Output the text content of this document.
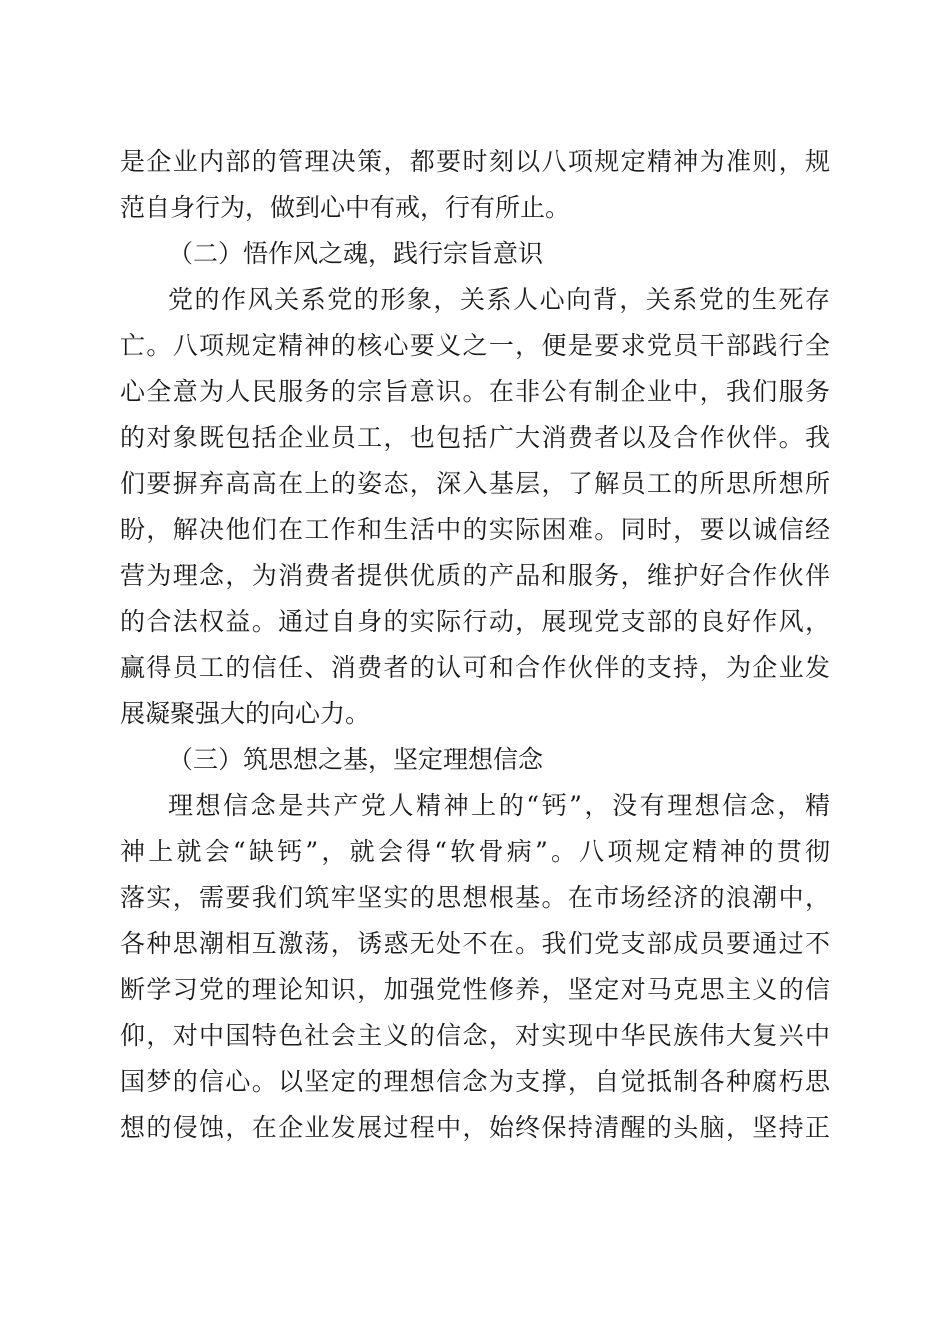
是企业内部的管理决策，都要时刻以八项规定精神为准则，规
范自身行为，做到心中有戒，行有所止。
（二）悟作风之魂，践行宗旨意识
党的作风关系党的形象，关系人心向背，关系党的生死存
亡。八项规定精神的核心要义之一，便是要求党员干部践行全
心全意为人民服务的宗旨意识。在非公有制企业中，我们服务
的对象既包括企业员工，也包括广大消费者以及合作伙伴。我
们要摒弃高高在上的姿态，深入基层，了解员工的所思所想所
盼，解决他们在工作和生活中的实际困难。同时，要以诚信经
营为理念，为消费者提供优质的产品和服务，维护好合作伙伴
的合法权益。通过自身的实际行动，展现党支部的良好作风，
赢得员工的信任、消费者的认可和合作伙伴的支持，为企业发
展凝聚强大的向心力。
（三）筑思想之基，坚定理想信念
理想信念是共产党人精神上的“钙”，没有理想信念，精
神上就会“缺钙”，就会得“软骨病”。八项规定精神的贯彻
落实，需要我们筑牢坚实的思想根基。在市场经济的浪潮中，
各种思潮相互激荡，诱惑无处不在。我们党支部成员要通过不
断学习党的理论知识，加强党性修养，坚定对马克思主义的信
仰，对中国特色社会主义的信念，对实现中华民族伟大复兴中
国梦的信心。以坚定的理想信念为支撑，自觉抵制各种腐朽思
想的侵蚀，在企业发展过程中，始终保持清醒的头脑，坚持正
